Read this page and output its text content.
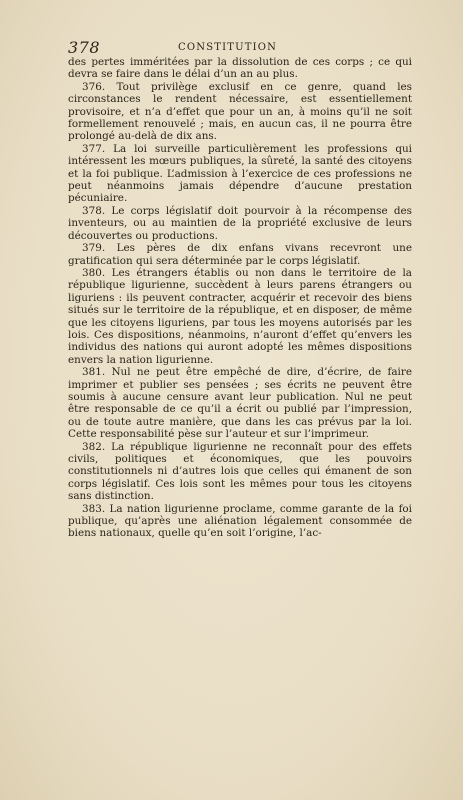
378	CONSTITUTION

des pertes imméritées par la dissolution de ces corps ; ce qui devra se faire dans le délai d’un an au plus.

376. Tout privilège exclusif en ce genre, quand les circonstances le rendent nécessaire, est essentiellement provisoire, et n’a d’effet que pour un an, à moins qu’il ne soit formellement renouvelé ; mais, en aucun cas, il ne pourra être prolongé au-delà de dix ans.

377. La loi surveille particulièrement les professions qui intéressent les mœurs publiques, la sûreté, la santé des citoyens et la foi publique. L’admission à l’exercice de ces professions ne peut néanmoins jamais dépendre d’aucune prestation pécuniaire.

378. Le corps législatif doit pourvoir à la récompense des inventeurs, ou au maintien de la propriété exclusive de leurs découvertes ou productions.

379. Les pères de dix enfans vivans recevront une gratification qui sera déterminée par le corps législatif.

380. Les étrangers établis ou non dans le territoire de la république ligurienne, succèdent à leurs parens étrangers ou liguriens : ils peuvent contracter, acquérir et recevoir des biens situés sur le territoire de la république, et en disposer, de même que les citoyens liguriens, par tous les moyens autorisés par les lois. Ces dispositions, néanmoins, n’auront d’effet qu’envers les individus des nations qui auront adopté les mêmes dispositions envers la nation ligurienne.

381. Nul ne peut être empêché de dire, d’écrire, de faire imprimer et publier ses pensées ; ses écrits ne peuvent être soumis à aucune censure avant leur publication. Nul ne peut être responsable de ce qu’il a écrit ou publié par l’impression, ou de toute autre manière, que dans les cas prévus par la loi. Cette responsabilité pèse sur l’auteur et sur l’imprimeur.

382. La république ligurienne ne reconnaît pour des effets civils, politiques et économiques, que les pouvoirs constitutionnels ni d’autres lois que celles qui émanent de son corps législatif. Ces lois sont les mêmes pour tous les citoyens sans distinction.

383. La nation ligurienne proclame, comme garante de la foi publique, qu’après une aliénation légalement consommée de biens nationaux, quelle qu’en soit l’origine, l’ac-
